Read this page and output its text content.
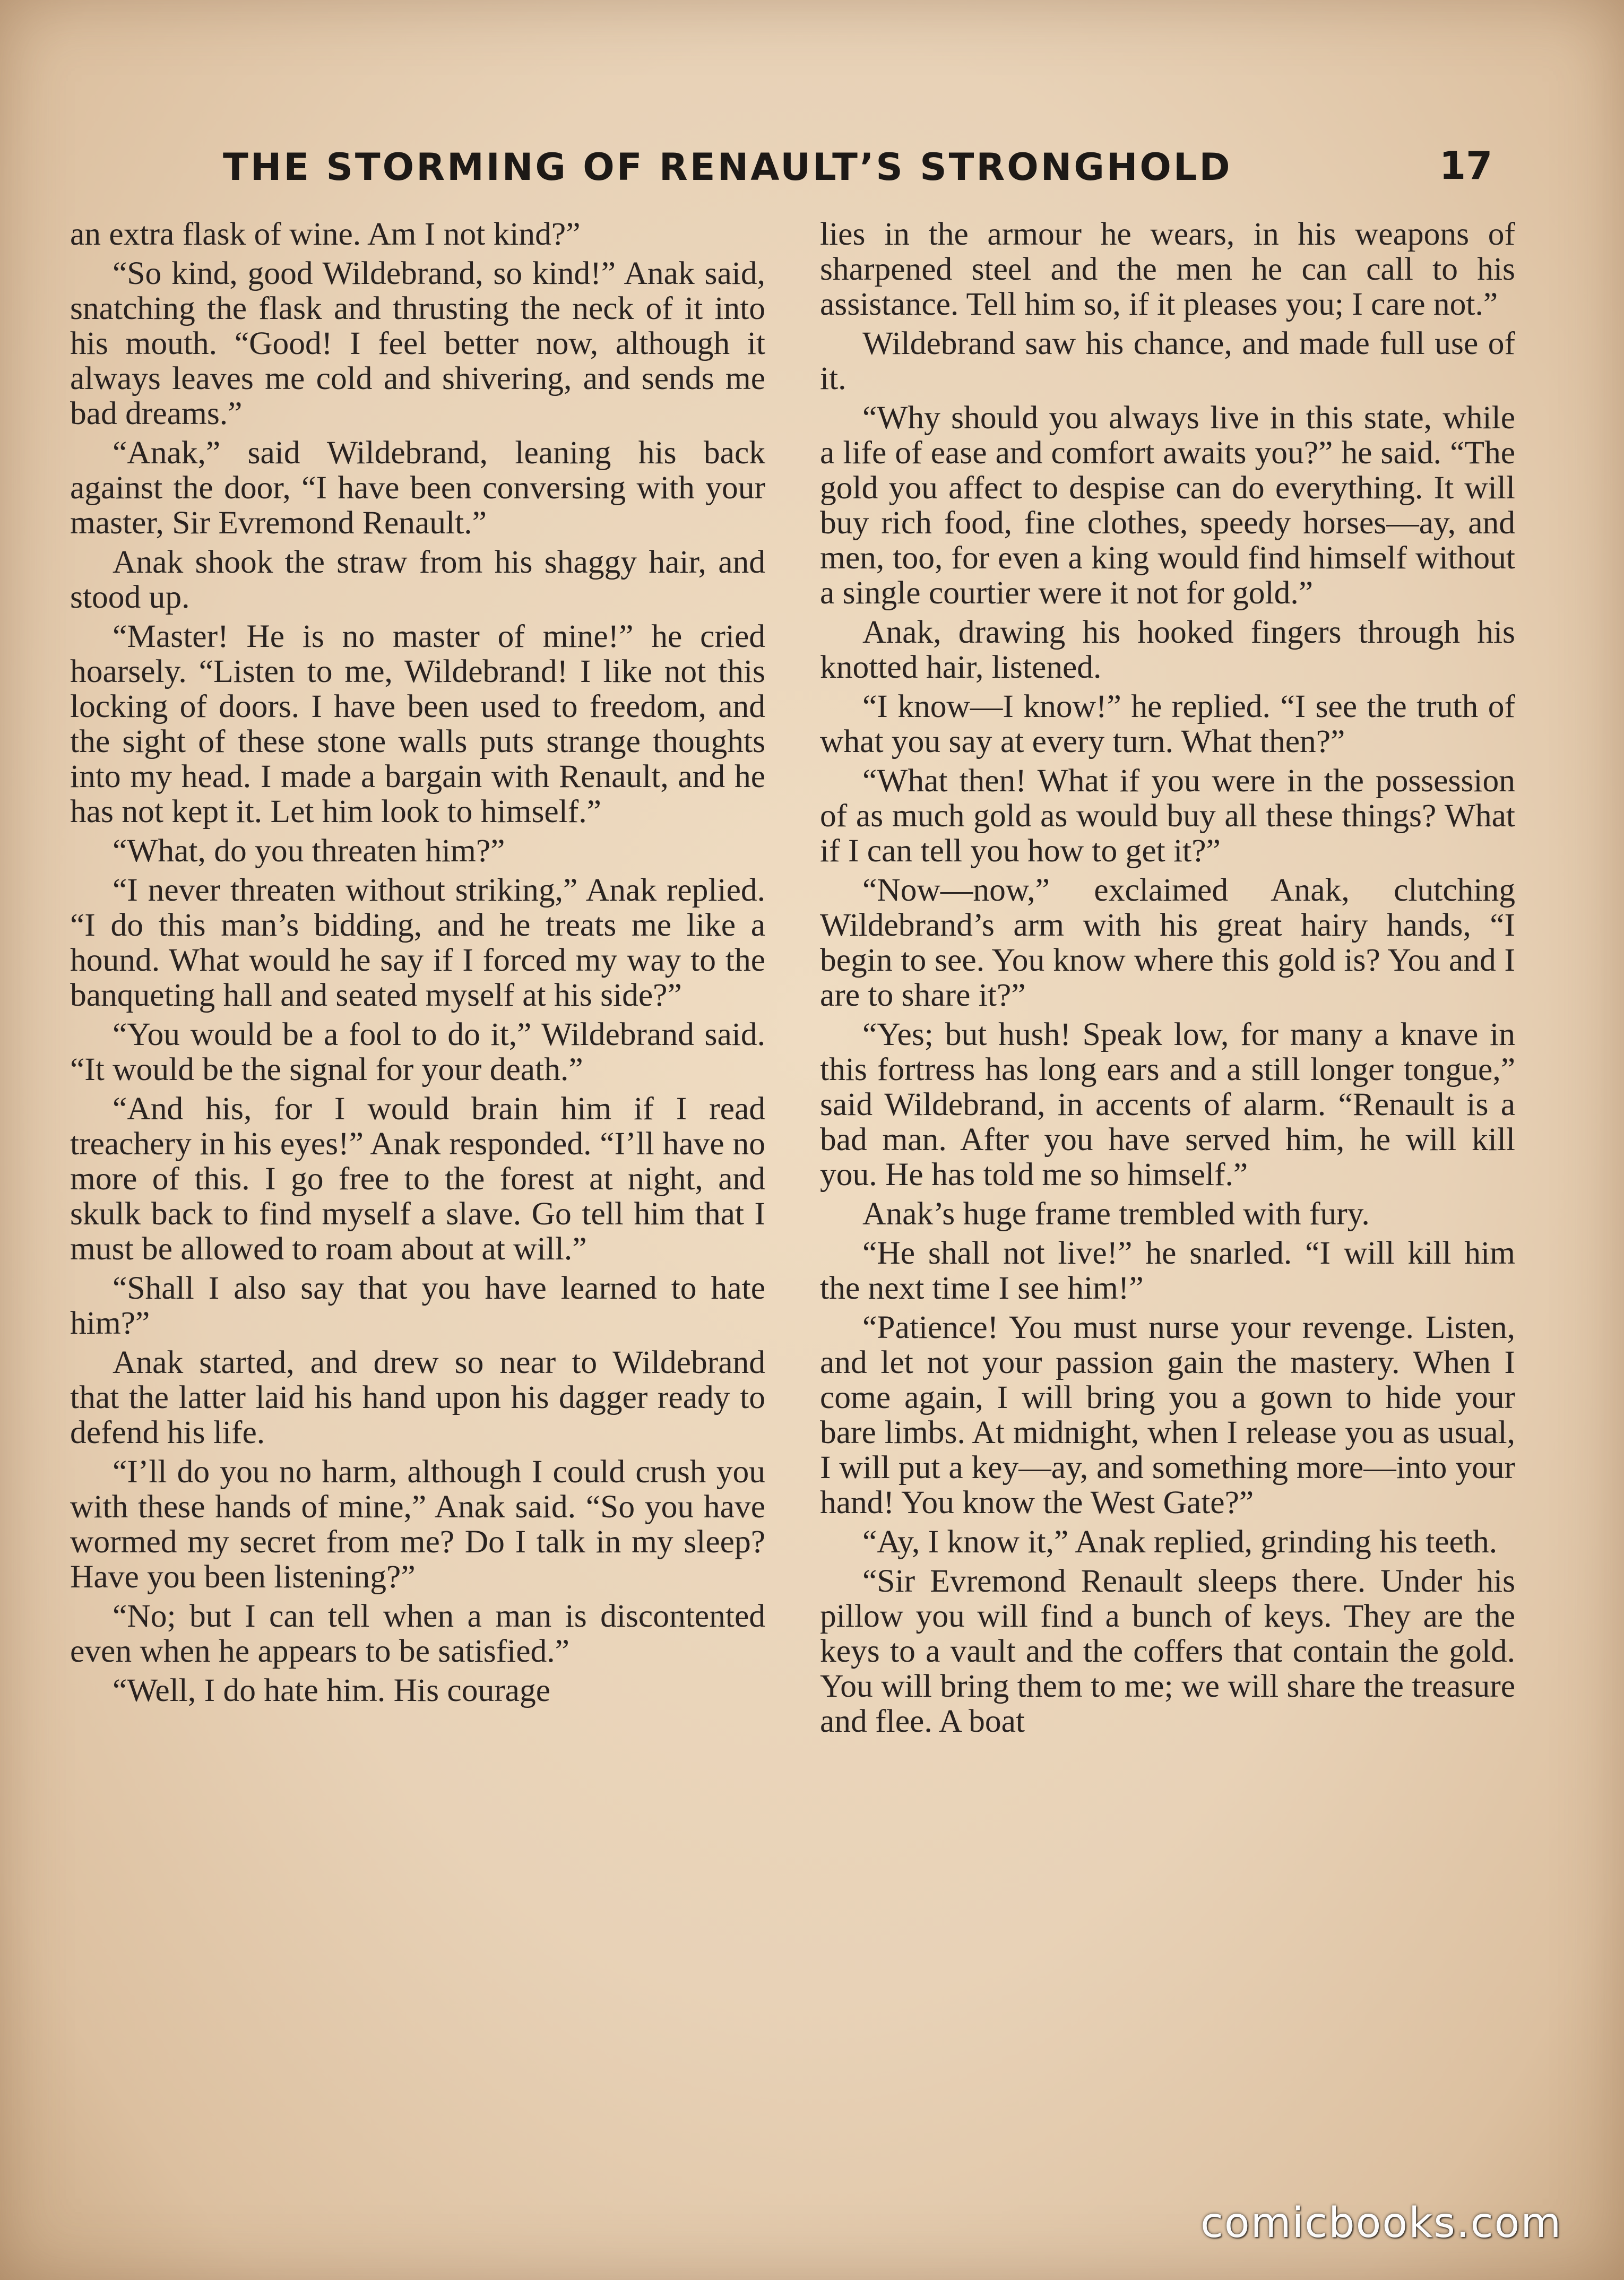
THE STORMING OF RENAULT’S STRONGHOLD	17

an extra flask of wine. Am I not kind?”

“So kind, good Wildebrand, so kind!” Anak said, snatching the flask and thrusting the neck of it into his mouth. “Good! I feel better now, although it always leaves me cold and shivering, and sends me bad dreams.”

“Anak,” said Wildebrand, leaning his back against the door, “I have been conversing with your master, Sir Evremond Renault.”

Anak shook the straw from his shaggy hair, and stood up.

“Master! He is no master of mine!” he cried hoarsely. “Listen to me, Wildebrand! I like not this locking of doors. I have been used to freedom, and the sight of these stone walls puts strange thoughts into my head. I made a bargain with Renault, and he has not kept it. Let him look to himself.”

“What, do you threaten him?”

“I never threaten without striking,” Anak replied. “I do this man’s bidding, and he treats me like a hound. What would he say if I forced my way to the banqueting hall and seated myself at his side?”

“You would be a fool to do it,” Wildebrand said. “It would be the signal for your death.”

“And his, for I would brain him if I read treachery in his eyes!” Anak responded. “I’ll have no more of this. I go free to the forest at night, and skulk back to find myself a slave. Go tell him that I must be allowed to roam about at will.”

“Shall I also say that you have learned to hate him?”

Anak started, and drew so near to Wildebrand that the latter laid his hand upon his dagger ready to defend his life.

“I’ll do you no harm, although I could crush you with these hands of mine,” Anak said. “So you have wormed my secret from me? Do I talk in my sleep? Have you been listening?”

“No; but I can tell when a man is discontented even when he appears to be satisfied.”

“Well, I do hate him. His courage

lies in the armour he wears, in his weapons of sharpened steel and the men he can call to his assistance. Tell him so, if it pleases you; I care not.”

Wildebrand saw his chance, and made full use of it.

“Why should you always live in this state, while a life of ease and comfort awaits you?” he said. “The gold you affect to despise can do everything. It will buy rich food, fine clothes, speedy horses—ay, and men, too, for even a king would find himself without a single courtier were it not for gold.”

Anak, drawing his hooked fingers through his knotted hair, listened.

“I know—I know!” he replied. “I see the truth of what you say at every turn. What then?”

“What then! What if you were in the possession of as much gold as would buy all these things? What if I can tell you how to get it?”

“Now—now,” exclaimed Anak, clutching Wildebrand’s arm with his great hairy hands, “I begin to see. You know where this gold is? You and I are to share it?”

“Yes; but hush! Speak low, for many a knave in this fortress has long ears and a still longer tongue,” said Wildebrand, in accents of alarm. “Renault is a bad man. After you have served him, he will kill you. He has told me so himself.”

Anak’s huge frame trembled with fury.

“He shall not live!” he snarled. “I will kill him the next time I see him!”

“Patience! You must nurse your revenge. Listen, and let not your passion gain the mastery. When I come again, I will bring you a gown to hide your bare limbs. At midnight, when I release you as usual, I will put a key—ay, and something more—into your hand! You know the West Gate?”

“Ay, I know it,” Anak replied, grinding his teeth.

“Sir Evremond Renault sleeps there. Under his pillow you will find a bunch of keys. They are the keys to a vault and the coffers that contain the gold. You will bring them to me; we will share the treasure and flee. A boat

comicbooks.com
